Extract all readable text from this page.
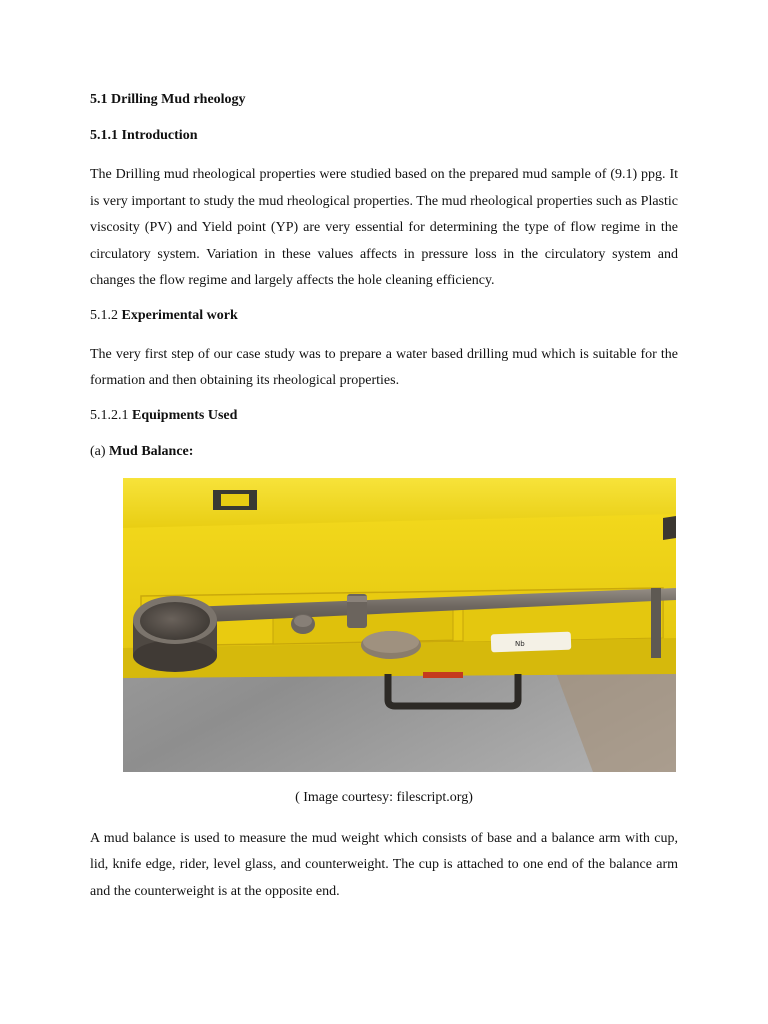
5.1 Drilling Mud rheology
5.1.1 Introduction

The Drilling mud rheological properties were studied based on the prepared mud sample of (9.1) ppg. It is very important to study the mud rheological properties. The mud rheological properties such as Plastic viscosity (PV) and Yield point (YP) are very essential for determining the type of flow regime in the circulatory system. Variation in these values affects in pressure loss in the circulatory system and changes the flow regime and largely affects the hole cleaning efficiency.

5.1.2 Experimental work

The very first step of our case study was to prepare a water based drilling mud which is suitable for the formation and then obtaining its rheological properties.

5.1.2.1 Equipments Used
(a) Mud Balance:
Nb
( Image courtesy: filescript.org)

A mud balance is used to measure the mud weight which consists of base and a balance arm with cup, lid, knife edge, rider, level glass, and counterweight. The cup is attached to one end of the balance arm and the counterweight is at the opposite end.
